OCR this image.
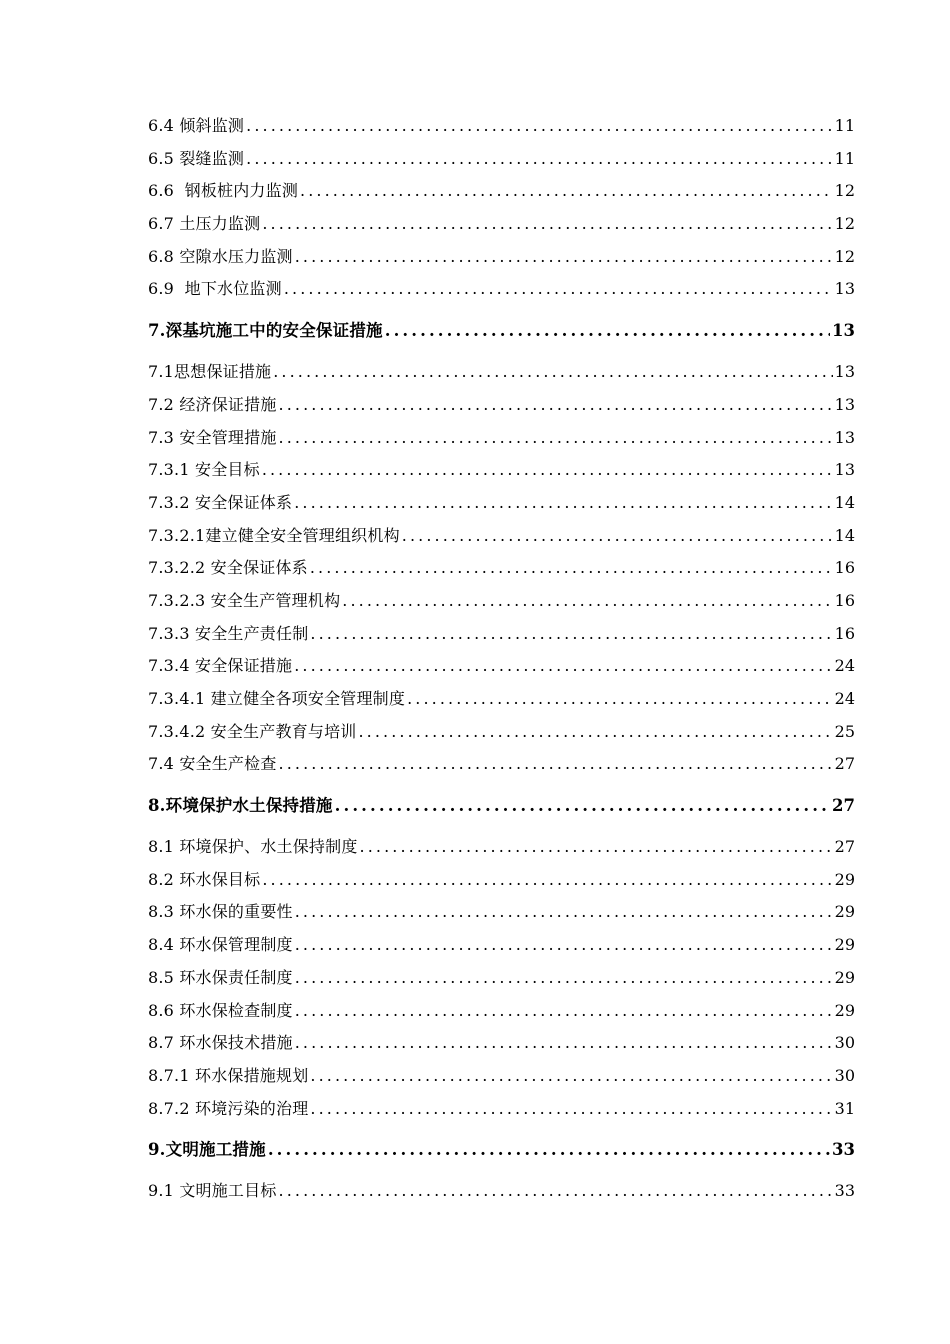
6.4 倾斜监测 .....	11
6.5 裂缝监测 .....	11
6.6  钢板桩内力监测 .....	12
6.7 土压力监测 .....	12
6.8 空隙水压力监测 .....	12
6.9  地下水位监测 .....	13
7.深基坑施工中的安全保证措施 .....	13
7.1思想保证措施 .....	13
7.2 经济保证措施 .....	13
7.3 安全管理措施 .....	13
7.3.1 安全目标 .....	13
7.3.2 安全保证体系 .....	14
7.3.2.1建立健全安全管理组织机构 .....	14
7.3.2.2 安全保证体系 .....	16
7.3.2.3 安全生产管理机构 .....	16
7.3.3 安全生产责任制 .....	16
7.3.4 安全保证措施 .....	24
7.3.4.1 建立健全各项安全管理制度 .....	24
7.3.4.2 安全生产教育与培训 .....	25
7.4 安全生产检查 .....	27
8.环境保护水土保持措施 .....	27
8.1 环境保护、水土保持制度 .....	27
8.2 环水保目标 .....	29
8.3 环水保的重要性 .....	29
8.4 环水保管理制度 .....	29
8.5 环水保责任制度 .....	29
8.6 环水保检查制度 .....	29
8.7 环水保技术措施 .....	30
8.7.1 环水保措施规划 .....	30
8.7.2 环境污染的治理 .....	31
9.文明施工措施 .....	33
9.1 文明施工目标 .....	33
